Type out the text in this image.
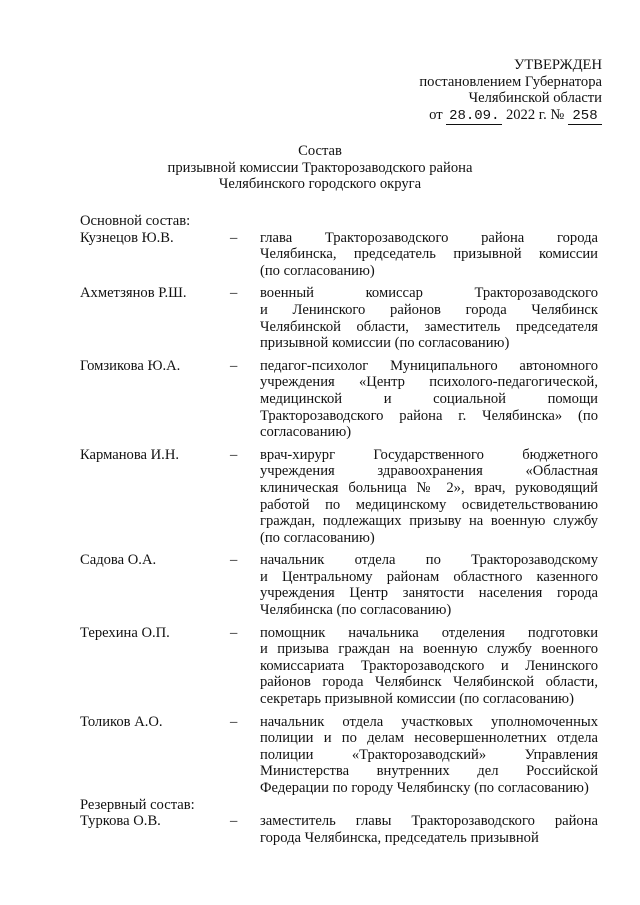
УТВЕРЖДЕН
постановлением Губернатора
Челябинской области
от 28.09. 2022 г. № 258
Состав
призывной комиссии Тракторозаводского района
Челябинского городского округа
Основной состав:
Кузнецов Ю.В.	–	глава Тракторозаводского района города
Челябинска, председатель призывной комиссии
(по согласованию)
Ахметзянов Р.Ш.	–	военный комиссар Тракторозаводского
и Ленинского районов города Челябинск
Челябинской области, заместитель председателя
призывной комиссии (по согласованию)
Гомзикова Ю.А.	–	педагог-психолог Муниципального автономного
учреждения «Центр психолого-педагогической,
медицинской и социальной помощи
Тракторозаводского района г. Челябинска» (по
согласованию)
Карманова И.Н.	–	врач-хирург Государственного бюджетного
учреждения здравоохранения «Областная
клиническая больница № 2», врач, руководящий
работой по медицинскому освидетельствованию
граждан, подлежащих призыву на военную службу
(по согласованию)
Садова О.А.	–	начальник отдела по Тракторозаводскому
и Центральному районам областного казенного
учреждения Центр занятости населения города
Челябинска (по согласованию)
Терехина О.П.	–	помощник начальника отделения подготовки
и призыва граждан на военную службу военного
комиссариата Тракторозаводского и Ленинского
районов города Челябинск Челябинской области,
секретарь призывной комиссии (по согласованию)
Толиков А.О.	–	начальник отдела участковых уполномоченных
полиции и по делам несовершеннолетних отдела
полиции «Тракторозаводский» Управления
Министерства внутренних дел Российской
Федерации по городу Челябинску (по согласованию)
Резервный состав:
Туркова О.В.	–	заместитель главы Тракторозаводского района
города Челябинска, председатель призывной
